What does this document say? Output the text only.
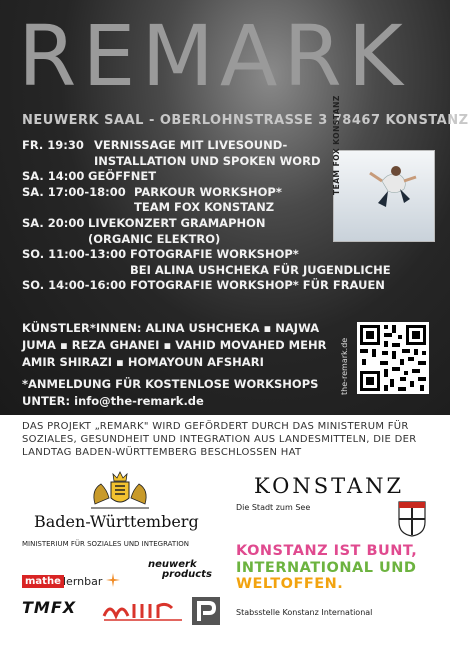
REMARK
NEUWERK SAAL - OBERLOHNSTRASSE 3 78467 KONSTANZ
FR. 19:30 VERNISSAGE MIT LIVESOUND-
INSTALLATION UND SPOKEN WORD
SA. 14:00 GEÖFFNET
SA. 17:00-18:00 PARKOUR WORKSHOP*
TEAM FOX KONSTANZ
SA. 20:00 LIVEKONZERT GRAMAPHON
(ORGANIC ELEKTRO)
SO. 11:00-13:00 FOTOGRAFIE WORKSHOP*
BEI ALINA USHCHEKA FÜR JUGENDLICHE
SO. 14:00-16:00 FOTOGRAFIE WORKSHOP* FÜR FRAUEN
TEAM FOX KONSTANZ
KÜNSTLER*INNEN: ALINA USHCHEKA ▪ NAJWA JUMA ▪ REZA GHANEI ▪ VAHID MOVAHED MEHR AMIR SHIRAZI ▪ HOMAYOUN AFSHARI
*ANMELDUNG FÜR KOSTENLOSE WORKSHOPS
UNTER: info@the-remark.de
the-remark.de
DAS PROJEKT „REMARK" WIRD GEFÖRDERT DURCH DAS MINISTERUM FÜR SOZIALES, GESUNDHEIT UND INTEGRATION AUS LANDESMITTELN, DIE DER LANDTAG BADEN-WÜRTTEMBERG BESCHLOSSEN HAT
Baden-Württemberg
MINISTERIUM FÜR SOZIALES UND INTEGRATION
KONSTANZ
Die Stadt zum See
KONSTANZ IST BUNT,
INTERNATIONAL UND
WELTOFFEN.
Stabsstelle Konstanz International
mathe lernbar
neuwerk
products
TMFX
